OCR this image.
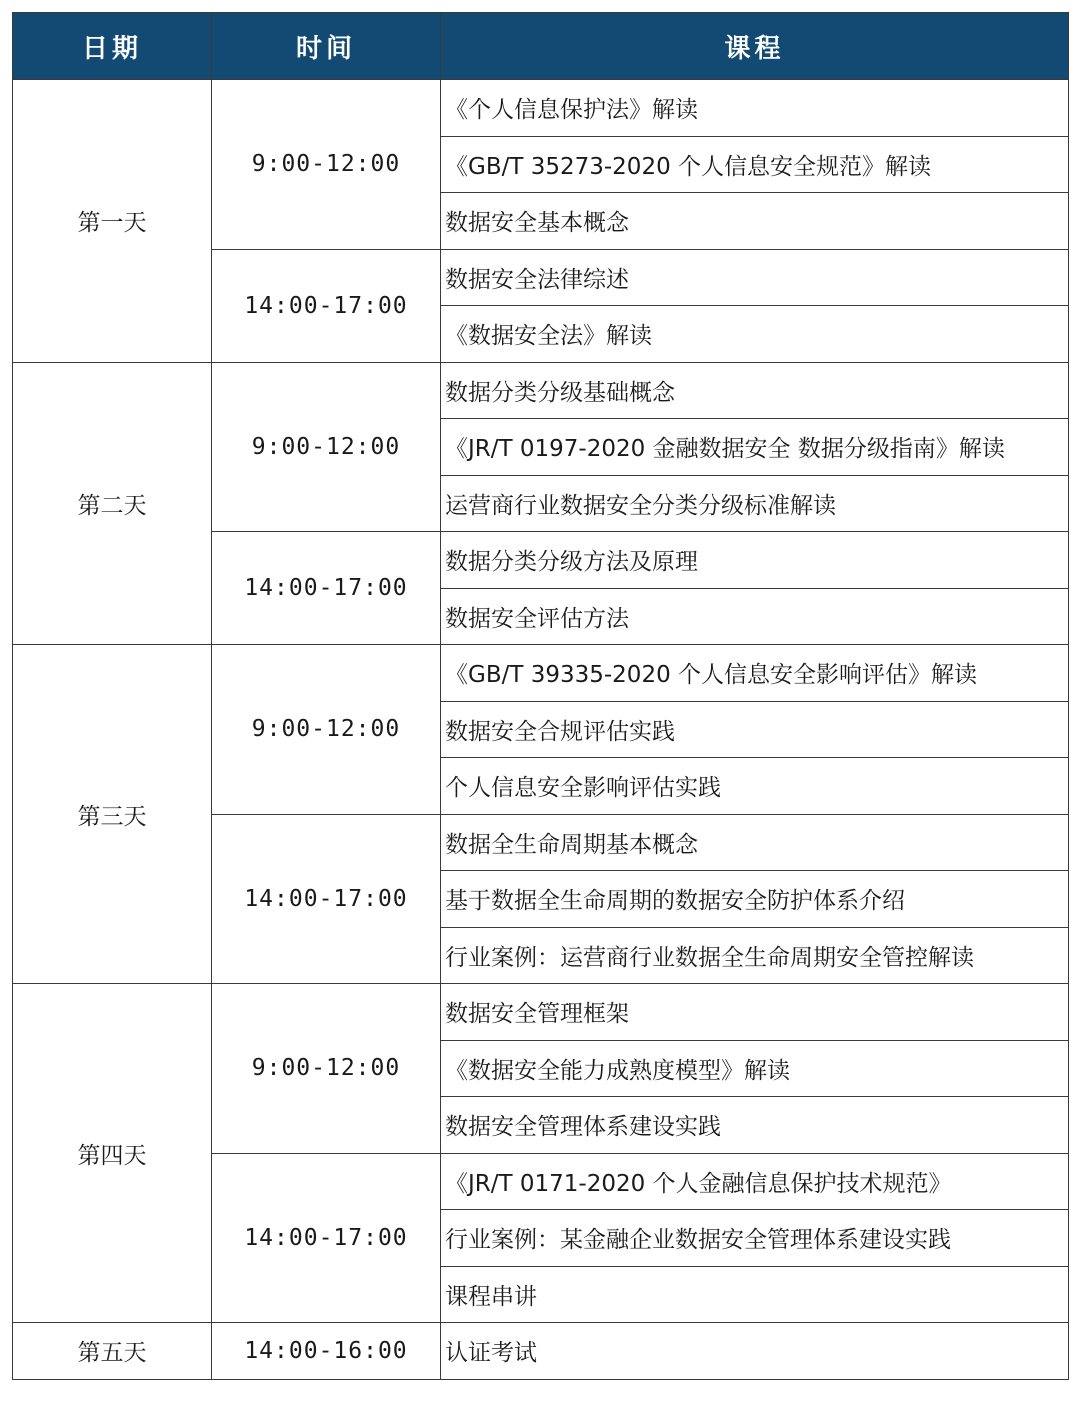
日期	时间	课程
第一天	9:00-12:00	《个人信息保护法》解读
		《GB/T 35273-2020 个人信息安全规范》解读
		数据安全基本概念
	14:00-17:00	数据安全法律综述
		《数据安全法》解读
第二天	9:00-12:00	数据分类分级基础概念
		《JR/T 0197-2020 金融数据安全 数据分级指南》解读
		运营商行业数据安全分类分级标准解读
	14:00-17:00	数据分类分级方法及原理
		数据安全评估方法
第三天	9:00-12:00	《GB/T 39335-2020 个人信息安全影响评估》解读
		数据安全合规评估实践
		个人信息安全影响评估实践
	14:00-17:00	数据全生命周期基本概念
		基于数据全生命周期的数据安全防护体系介绍
		行业案例：运营商行业数据全生命周期安全管控解读
第四天	9:00-12:00	数据安全管理框架
		《数据安全能力成熟度模型》解读
		数据安全管理体系建设实践
	14:00-17:00	《JR/T 0171-2020 个人金融信息保护技术规范》
		行业案例：某金融企业数据安全管理体系建设实践
		课程串讲
第五天	14:00-16:00	认证考试
